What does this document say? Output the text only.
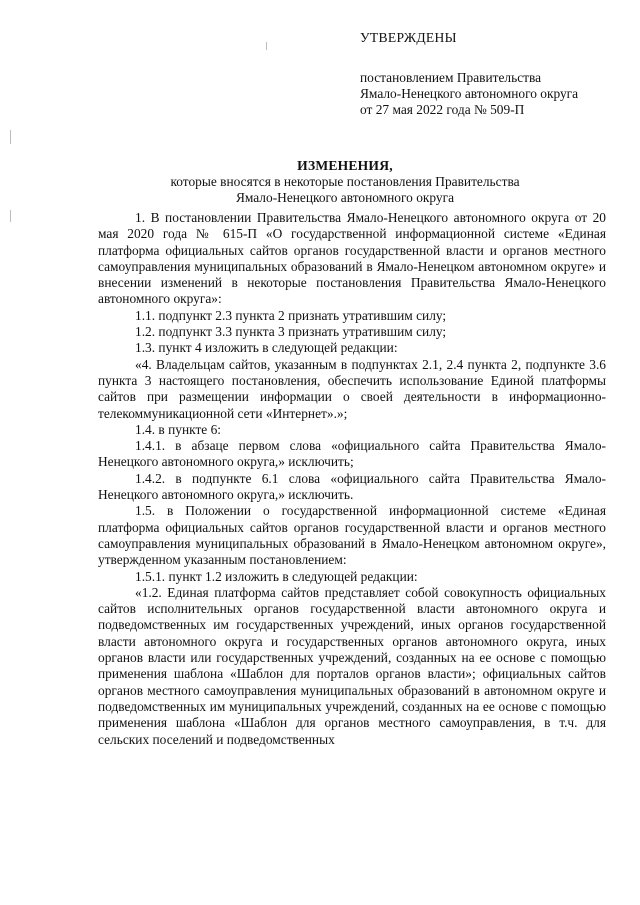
УТВЕРЖДЕНЫ
постановлением Правительства
Ямало-Ненецкого автономного округа
от 27 мая 2022 года № 509-П
ИЗМЕНЕНИЯ,
которые вносятся в некоторые постановления Правительства
Ямало-Ненецкого автономного округа

1. В постановлении Правительства Ямало-Ненецкого автономного округа от 20 мая 2020 года № 615-П «О государственной информационной системе «Единая платформа официальных сайтов органов государственной власти и органов местного самоуправления муниципальных образований в Ямало-Ненецком автономном округе» и внесении изменений в некоторые постановления Правительства Ямало-Ненецкого автономного округа»:

1.1. подпункт 2.3 пункта 2 признать утратившим силу;

1.2. подпункт 3.3 пункта 3 признать утратившим силу;

1.3. пункт 4 изложить в следующей редакции:

«4. Владельцам сайтов, указанным в подпунктах 2.1, 2.4 пункта 2, подпункте 3.6 пункта 3 настоящего постановления, обеспечить использование Единой платформы сайтов при размещении информации о своей деятельности в информационно-телекоммуникационной сети «Интернет».»;

1.4. в пункте 6:

1.4.1. в абзаце первом слова «официального сайта Правительства Ямало-Ненецкого автономного округа,» исключить;

1.4.2. в подпункте 6.1 слова «официального сайта Правительства Ямало-Ненецкого автономного округа,» исключить.

1.5. в Положении о государственной информационной системе «Единая платформа официальных сайтов органов государственной власти и органов местного самоуправления муниципальных образований в Ямало-Ненецком автономном округе», утвержденном указанным постановлением:

1.5.1. пункт 1.2 изложить в следующей редакции:

«1.2. Единая платформа сайтов представляет собой совокупность официальных сайтов исполнительных органов государственной власти автономного округа и подведомственных им государственных учреждений, иных органов государственной власти автономного округа и государственных органов автономного округа, иных органов власти или государственных учреждений, созданных на ее основе с помощью применения шаблона «Шаблон для порталов органов власти»; официальных сайтов органов местного самоуправления муниципальных образований в автономном округе и подведомственных им муниципальных учреждений, созданных на ее основе с помощью применения шаблона «Шаблон для органов местного самоуправления, в т.ч. для сельских поселений и подведомственных
